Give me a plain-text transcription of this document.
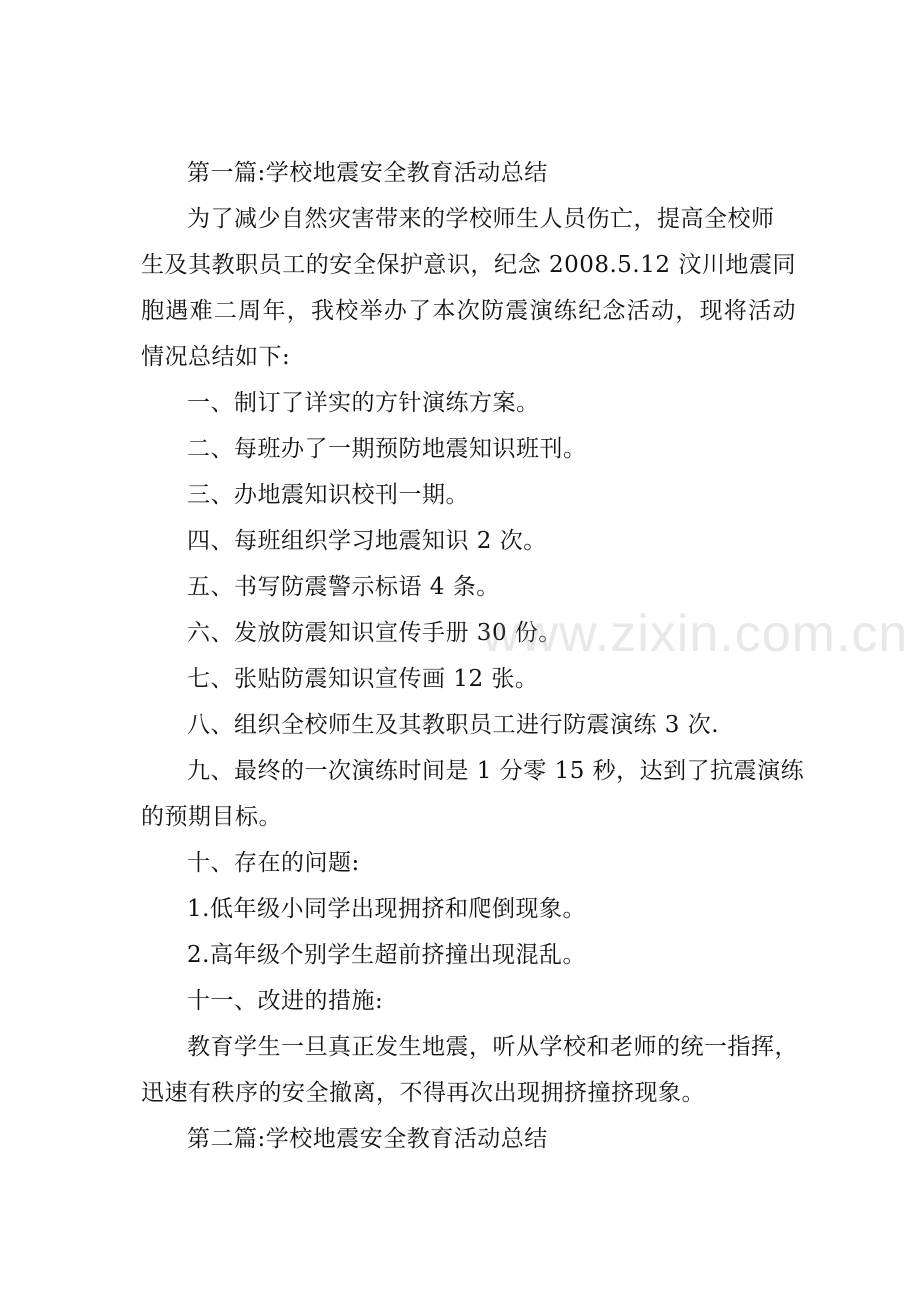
第一篇:学校地震安全教育活动总结

为了减少自然灾害带来的学校师生人员伤亡，提高全校师

生及其教职员工的安全保护意识，纪念 2008.5.12 汶川地震同

胞遇难二周年，我校举办了本次防震演练纪念活动，现将活动

情况总结如下:

一、制订了详实的方针演练方案。

二、每班办了一期预防地震知识班刊。

三、办地震知识校刊一期。

四、每班组织学习地震知识 2 次。

五、书写防震警示标语 4 条。

六、发放防震知识宣传手册 30 份。

七、张贴防震知识宣传画 12 张。

八、组织全校师生及其教职员工进行防震演练 3 次.

九、最终的一次演练时间是 1 分零 15 秒，达到了抗震演练

的预期目标。

十、存在的问题:

1.低年级小同学出现拥挤和爬倒现象。

2.高年级个别学生超前挤撞出现混乱。

十一、改进的措施:

教育学生一旦真正发生地震，听从学校和老师的统一指挥，

迅速有秩序的安全撤离，不得再次出现拥挤撞挤现象。

第二篇:学校地震安全教育活动总结

www.zixin.com.cn
